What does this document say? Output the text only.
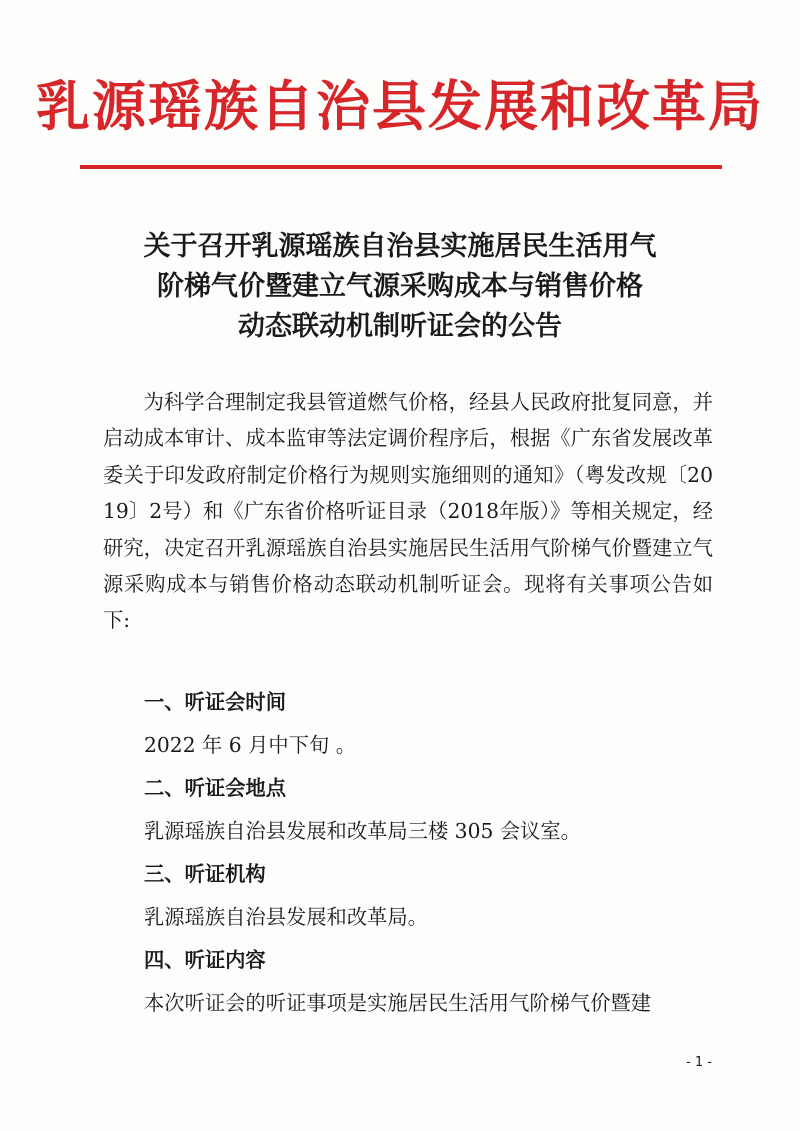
乳源瑶族自治县发展和改革局
关于召开乳源瑶族自治县实施居民生活用气
阶梯气价暨建立气源采购成本与销售价格
动态联动机制听证会的公告
为科学合理制定我县管道燃气价格，经县人民政府批复同意，并启动成本审计、成本监审等法定调价程序后，根据《广东省发展改革委关于印发政府制定价格行为规则实施细则的通知》（粤发改规〔2019〕2号）和《广东省价格听证目录（2018年版）》等相关规定，经研究，决定召开乳源瑶族自治县实施居民生活用气阶梯气价暨建立气源采购成本与销售价格动态联动机制听证会。现将有关事项公告如下:
一、听证会时间
2022 年 6 月中下旬 。
二、听证会地点
乳源瑶族自治县发展和改革局三楼 305 会议室。
三、听证机构
乳源瑶族自治县发展和改革局。
四、听证内容
本次听证会的听证事项是实施居民生活用气阶梯气价暨建
- 1 -
